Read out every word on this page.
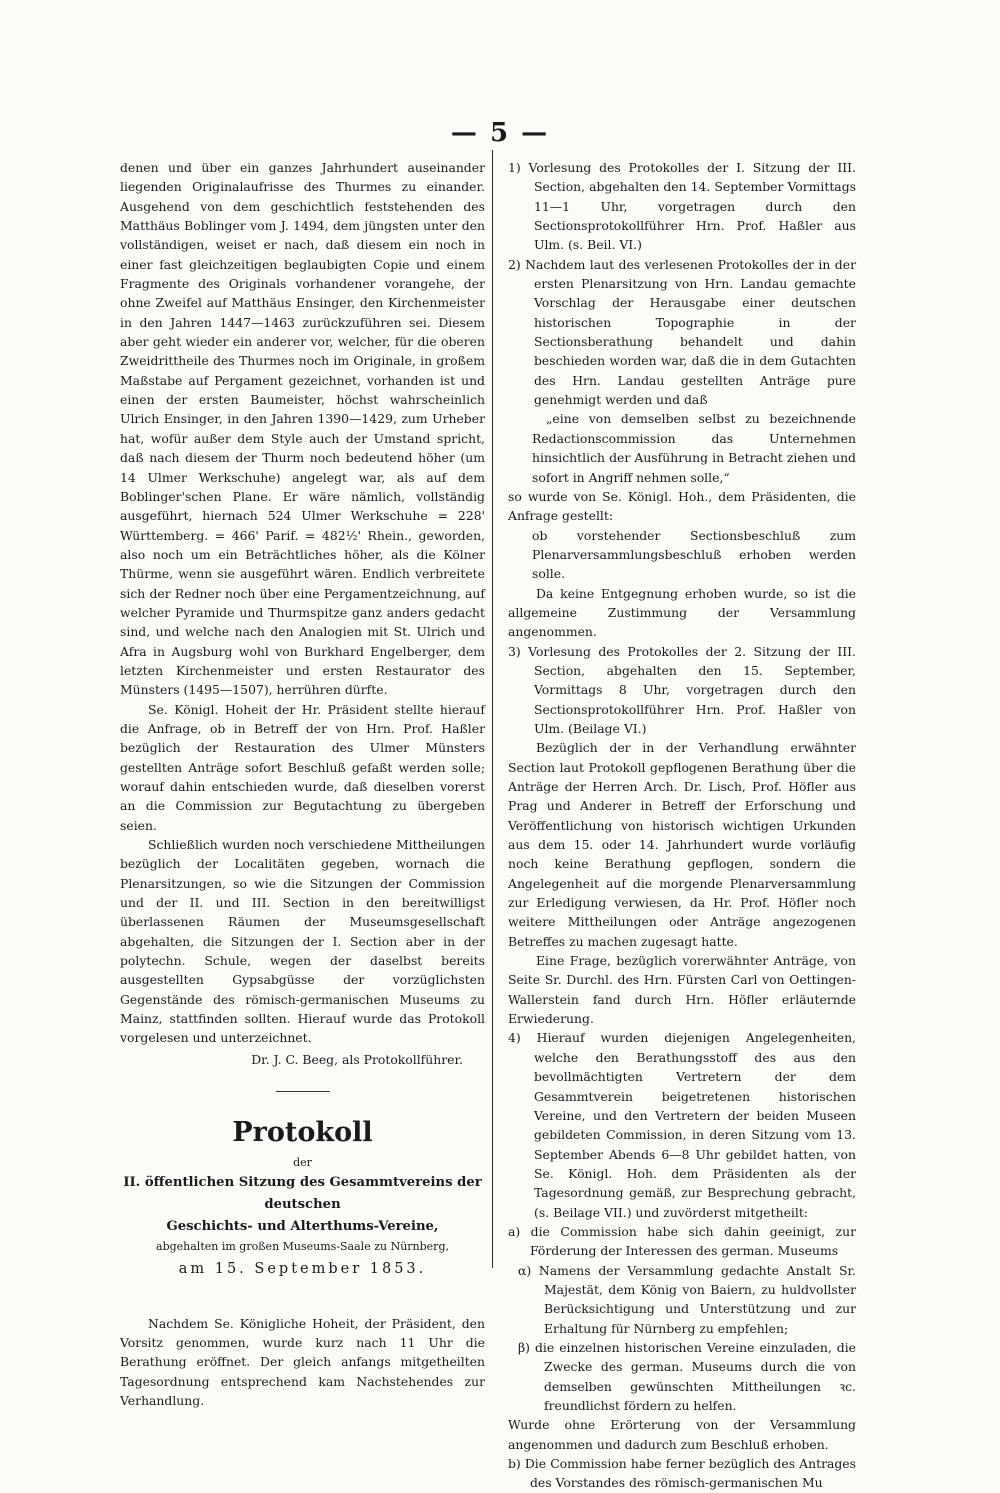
— 5 —

denen und über ein ganzes Jahrhundert auseinander liegenden Originalaufrisse des Thurmes zu einander. Ausgehend von dem geschichtlich feststehenden des Matthäus Boblinger vom J. 1494, dem jüngsten unter den vollständigen, weiset er nach, daß diesem ein noch in einer fast gleichzeitigen beglaubigten Copie und einem Fragmente des Originals vorhandener vorangehe, der ohne Zweifel auf Matthäus Ensinger, den Kirchenmeister in den Jahren 1447—1463 zurückzuführen sei. Diesem aber geht wieder ein anderer vor, welcher, für die oberen Zweidrittheile des Thurmes noch im Originale, in großem Maßstabe auf Pergament gezeichnet, vorhanden ist und einen der ersten Baumeister, höchst wahrscheinlich Ulrich Ensinger, in den Jahren 1390—1429, zum Urheber hat, wofür außer dem Style auch der Umstand spricht, daß nach diesem der Thurm noch bedeutend höher (um 14 Ulmer Werkschuhe) angelegt war, als auf dem Boblinger'schen Plane. Er wäre nämlich, vollständig ausgeführt, hiernach 524 Ulmer Werkschuhe = 228' Württemberg. = 466' Parif. = 482½' Rhein., geworden, also noch um ein Beträchtliches höher, als die Kölner Thürme, wenn sie ausgeführt wären. Endlich verbreitete sich der Redner noch über eine Pergamentzeichnung, auf welcher Pyramide und Thurmspitze ganz anders gedacht sind, und welche nach den Analogien mit St. Ulrich und Afra in Augsburg wohl von Burkhard Engelberger, dem letzten Kirchenmeister und ersten Restaurator des Münsters (1495—1507), herrühren dürfte.

Se. Königl. Hoheit der Hr. Präsident stellte hierauf die Anfrage, ob in Betreff der von Hrn. Prof. Haßler bezüglich der Restauration des Ulmer Münsters gestellten Anträge sofort Beschluß gefaßt werden solle; worauf dahin entschieden wurde, daß dieselben vorerst an die Commission zur Begutachtung zu übergeben seien.

Schließlich wurden noch verschiedene Mittheilungen bezüglich der Localitäten gegeben, wornach die Plenarsitzungen, so wie die Sitzungen der Commission und der II. und III. Section in den bereitwilligst überlassenen Räumen der Museumsgesellschaft abgehalten, die Sitzungen der I. Section aber in der polytechn. Schule, wegen der daselbst bereits ausgestellten Gypsabgüsse der vorzüglichsten Gegenstände des römisch-germanischen Museums zu Mainz, stattfinden sollten. Hierauf wurde das Protokoll vorgelesen und unterzeichnet.

Dr. J. C. Beeg, als Protokollführer.

Protokoll
der
II. öffentlichen Sitzung des Gesammtvereins der deutschen
Geschichts- und Alterthums-Vereine,
abgehalten im großen Museums-Saale zu Nürnberg,
am 15. September 1853.

Nachdem Se. Königliche Hoheit, der Präsident, den Vorsitz genommen, wurde kurz nach 11 Uhr die Berathung eröffnet. Der gleich anfangs mitgetheilten Tagesordnung entsprechend kam Nachstehendes zur Verhandlung.

1) Vorlesung des Protokolles der I. Sitzung der III. Section, abgehalten den 14. September Vormittags 11—1 Uhr, vorgetragen durch den Sectionsprotokollführer Hrn. Prof. Haßler aus Ulm. (s. Beil. VI.)

2) Nachdem laut des verlesenen Protokolles der in der ersten Plenarsitzung von Hrn. Landau gemachte Vorschlag der Herausgabe einer deutschen historischen Topographie in der Sectionsberathung behandelt und dahin beschieden worden war, daß die in dem Gutachten des Hrn. Landau gestellten Anträge pure genehmigt werden und daß

„eine von demselben selbst zu bezeichnende Redactionscommission das Unternehmen hinsichtlich der Ausführung in Betracht ziehen und sofort in Angriff nehmen solle,“

so wurde von Se. Königl. Hoh., dem Präsidenten, die Anfrage gestellt:

ob vorstehender Sectionsbeschluß zum Plenarversammlungsbeschluß erhoben werden solle.

Da keine Entgegnung erhoben wurde, so ist die allgemeine Zustimmung der Versammlung angenommen.

3) Vorlesung des Protokolles der 2. Sitzung der III. Section, abgehalten den 15. September, Vormittags 8 Uhr, vorgetragen durch den Sectionsprotokollführer Hrn. Prof. Haßler von Ulm. (Beilage VI.)

Bezüglich der in der Verhandlung erwähnter Section laut Protokoll gepflogenen Berathung über die Anträge der Herren Arch. Dr. Lisch, Prof. Höfler aus Prag und Anderer in Betreff der Erforschung und Veröffentlichung von historisch wichtigen Urkunden aus dem 15. oder 14. Jahrhundert wurde vorläufig noch keine Berathung gepflogen, sondern die Angelegenheit auf die morgende Plenarversammlung zur Erledigung verwiesen, da Hr. Prof. Höfler noch weitere Mittheilungen oder Anträge angezogenen Betreffes zu machen zugesagt hatte.

Eine Frage, bezüglich vorerwähnter Anträge, von Seite Sr. Durchl. des Hrn. Fürsten Carl von Oettingen-Wallerstein fand durch Hrn. Höfler erläuternde Erwiederung.

4) Hierauf wurden diejenigen Angelegenheiten, welche den Berathungsstoff des aus den bevollmächtigten Vertretern der dem Gesammtverein beigetretenen historischen Vereine, und den Vertretern der beiden Museen gebildeten Commission, in deren Sitzung vom 13. September Abends 6—8 Uhr gebildet hatten, von Se. Königl. Hoh. dem Präsidenten als der Tagesordnung gemäß, zur Besprechung gebracht, (s. Beilage VII.) und zuvörderst mitgetheilt:

a) die Commission habe sich dahin geeinigt, zur Förderung der Interessen des german. Museums

α) Namens der Versammlung gedachte Anstalt Sr. Majestät, dem König von Baiern, zu huldvollster Berücksichtigung und Unterstützung und zur Erhaltung für Nürnberg zu empfehlen;

β) die einzelnen historischen Vereine einzuladen, die Zwecke des german. Museums durch die von demselben gewünschten Mittheilungen ꝛc. freundlichst fördern zu helfen.

Wurde ohne Erörterung von der Versammlung angenommen und dadurch zum Beschluß erhoben.

b) Die Commission habe ferner bezüglich des Antrages des Vorstandes des römisch-germanischen Mu
